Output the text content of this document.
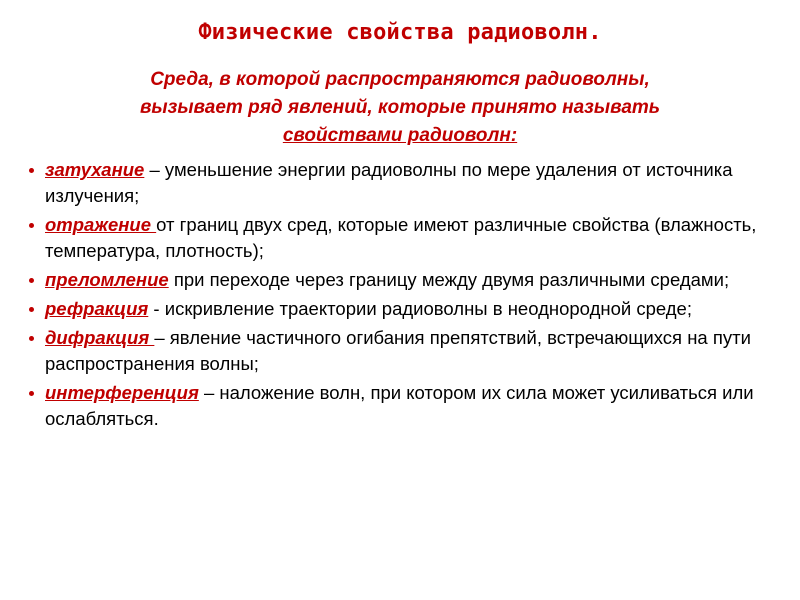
Физические свойства радиоволн.
Среда, в которой распространяются радиоволны,
вызывает ряд явлений, которые принято называть
свойствами радиоволн:
затухание – уменьшение энергии радиоволны по мере удаления от источника излучения;
отражение от границ двух сред, которые имеют различные свойства (влажность, температура, плотность);
преломление при переходе через границу между двумя различными средами;
рефракция - искривление траектории радиоволны в неоднородной среде;
дифракция – явление частичного огибания препятствий, встречающихся на пути распространения волны;
интерференция – наложение волн, при котором их сила может усиливаться или ослабляться.
